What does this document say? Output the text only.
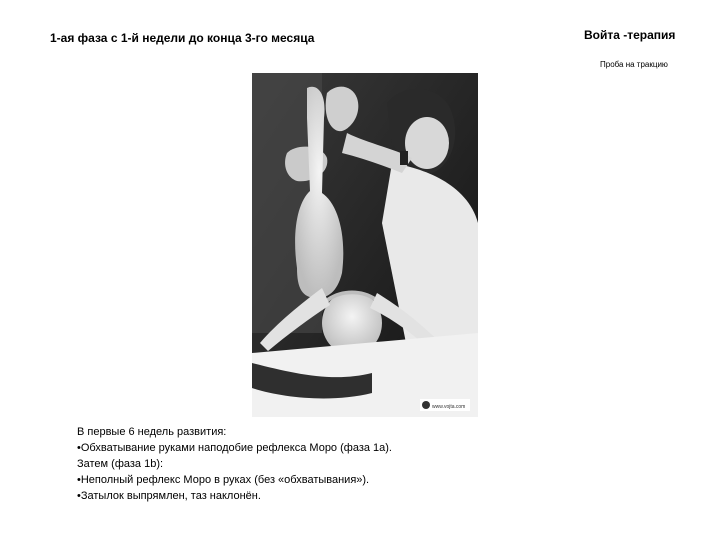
1-ая фаза с 1-й недели до конца 3-го месяца	Войта -терапия
Проба на тракцию
www.vojta.com
В первые 6 недель развития:
•Обхватывание руками наподобие рефлекса Моро (фаза 1а).
Затем (фаза 1b):
•Неполный рефлекс Моро в руках (без «обхватывания»).
•Затылок выпрямлен, таз наклонён.
